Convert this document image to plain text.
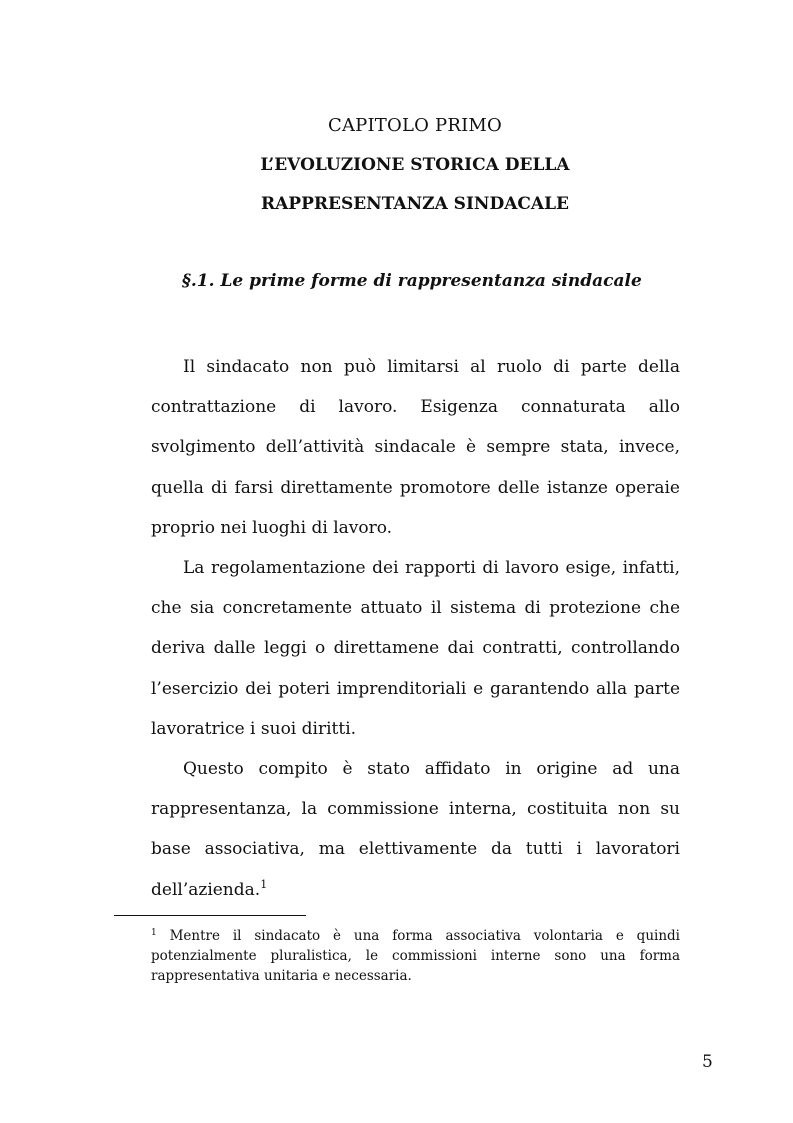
CAPITOLO PRIMO
L’EVOLUZIONE STORICA DELLA
RAPPRESENTANZA SINDACALE
§.1. Le prime forme di rappresentanza sindacale

Il sindacato non può limitarsi al ruolo di parte della contrattazione di lavoro. Esigenza connaturata allo svolgimento dell’attività sindacale è sempre stata, invece, quella di farsi direttamente promotore delle istanze operaie proprio nei luoghi di lavoro.

La regolamentazione dei rapporti di lavoro esige, infatti, che sia concretamente attuato il sistema di protezione che deriva dalle leggi o direttamene dai contratti, controllando l’esercizio dei poteri imprenditoriali e garantendo alla parte lavoratrice i suoi diritti.

Questo compito è stato affidato in origine ad una rappresentanza, la commissione interna, costituita non su base associativa, ma elettivamente da tutti i lavoratori dell’azienda.$^1$

$^1$ Mentre il sindacato è una forma associativa volontaria e quindi potenzialmente pluralistica, le commissioni interne sono una forma rappresentativa unitaria e necessaria.

5
